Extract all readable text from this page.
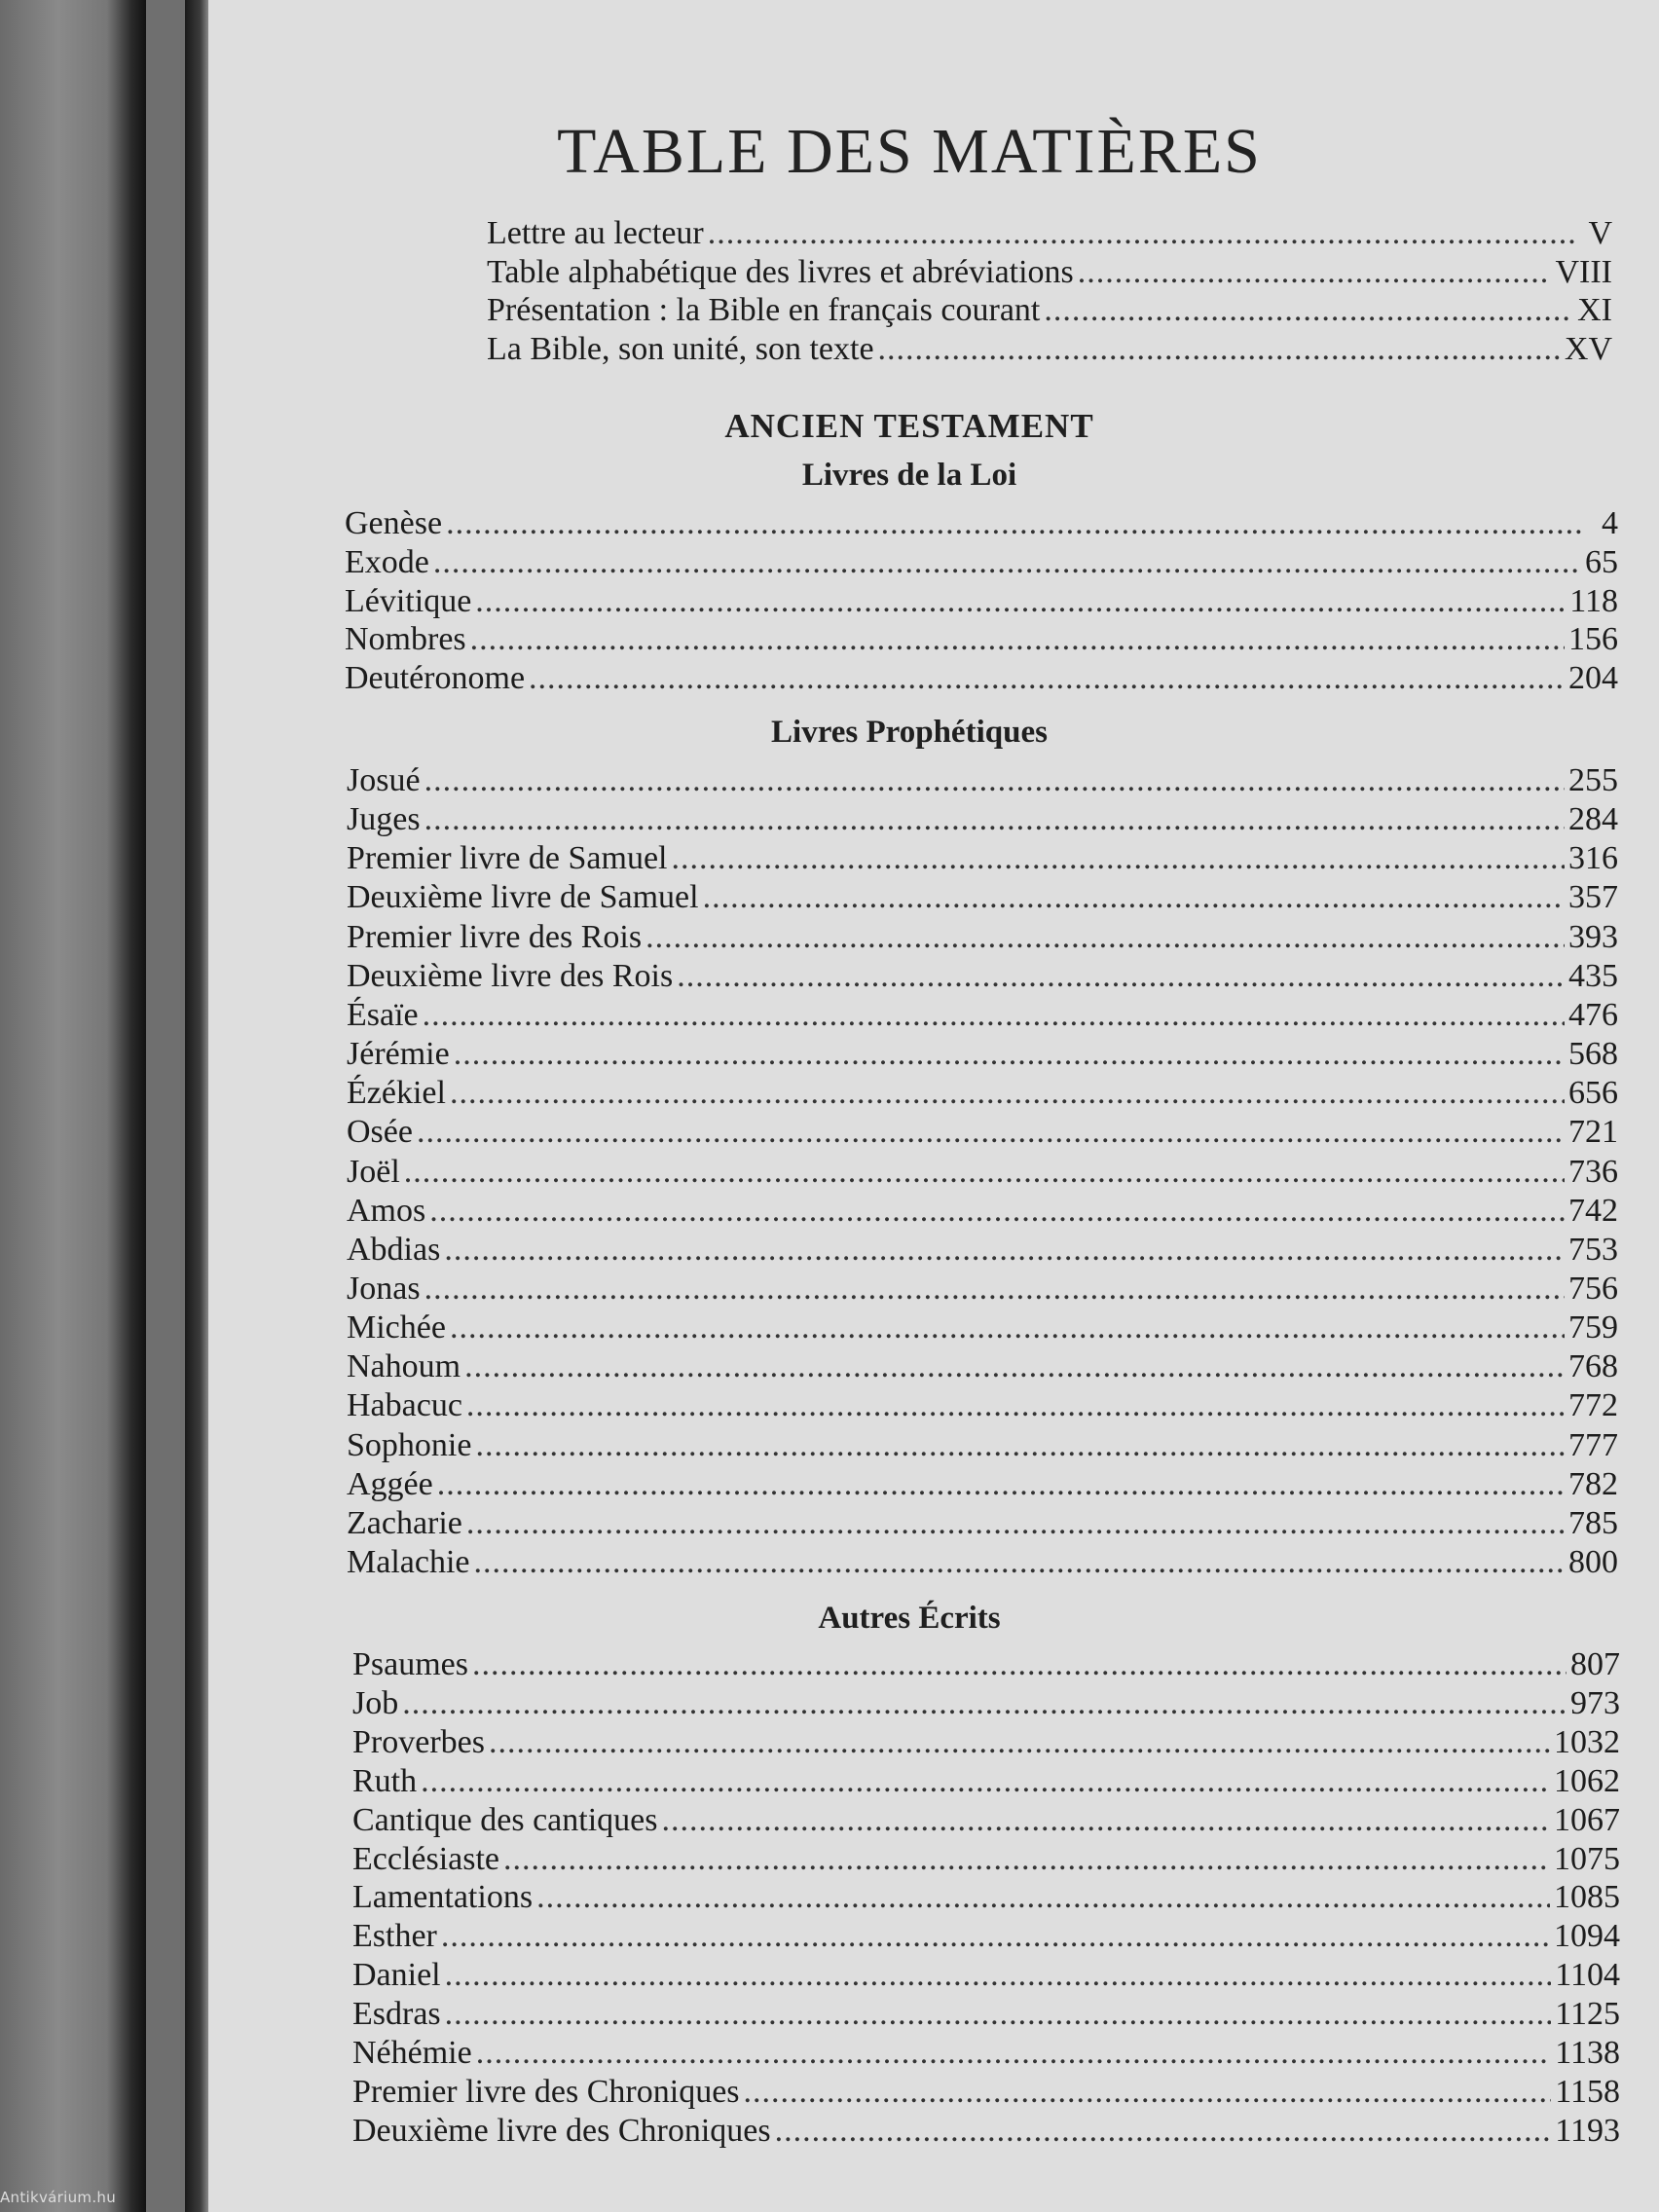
TABLE DES MATIÈRES
Lettre au lecteur .....	V
Table alphabétique des livres et abréviations .....	VIII
Présentation : la Bible en français courant .....	XI
La Bible, son unité, son texte .....	XV
ANCIEN TESTAMENT
Livres de la Loi
Genèse .....	4
Exode .....	65
Lévitique .....	118
Nombres .....	156
Deutéronome .....	204
Livres Prophétiques
Josué .....	255
Juges .....	284
Premier livre de Samuel .....	316
Deuxième livre de Samuel .....	357
Premier livre des Rois .....	393
Deuxième livre des Rois .....	435
Ésaïe .....	476
Jérémie .....	568
Ézékiel .....	656
Osée .....	721
Joël .....	736
Amos .....	742
Abdias .....	753
Jonas .....	756
Michée .....	759
Nahoum .....	768
Habacuc .....	772
Sophonie .....	777
Aggée .....	782
Zacharie .....	785
Malachie .....	800
Autres Écrits
Psaumes .....	807
Job .....	973
Proverbes .....	1032
Ruth .....	1062
Cantique des cantiques .....	1067
Ecclésiaste .....	1075
Lamentations .....	1085
Esther .....	1094
Daniel .....	1104
Esdras .....	1125
Néhémie .....	1138
Premier livre des Chroniques .....	1158
Deuxième livre des Chroniques .....	1193
Antikvárium.hu
